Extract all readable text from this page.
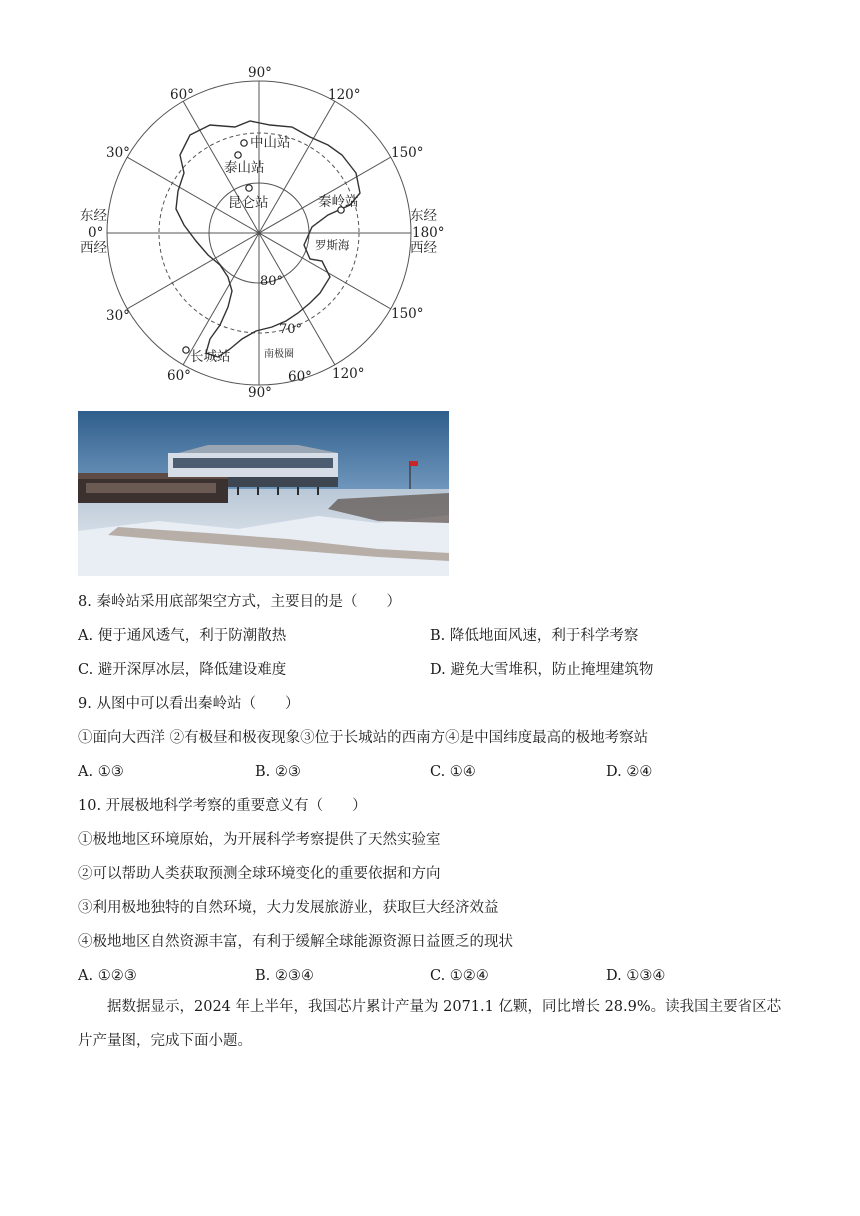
90°
60°	120°
30°	150°
0°	180°
30°	150°
60°	60° 120°
90°
东经
西经
东经
西经
80°
70°
中山站
泰山站
昆仑站	秦岭站
长城站
罗斯海
南极圈
8. 秦岭站采用底部架空方式，主要目的是（　　）
A. 便于通风透气，利于防潮散热	B. 降低地面风速，利于科学考察
C. 避开深厚冰层，降低建设难度	D. 避免大雪堆积，防止掩埋建筑物
9. 从图中可以看出秦岭站（　　）
①面向大西洋 ②有极昼和极夜现象③位于长城站的西南方④是中国纬度最高的极地考察站
A. ①③	B. ②③	C. ①④	D. ②④
10. 开展极地科学考察的重要意义有（　　）
①极地地区环境原始，为开展科学考察提供了天然实验室
②可以帮助人类获取预测全球环境变化的重要依据和方向
③利用极地独特的自然环境，大力发展旅游业，获取巨大经济效益
④极地地区自然资源丰富，有利于缓解全球能源资源日益匮乏的现状
A. ①②③	B. ②③④	C. ①②④	D. ①③④
据数据显示，2024 年上半年，我国芯片累计产量为 2071.1 亿颗，同比增长 28.9%。读我国主要省区芯片产量图，完成下面小题。
